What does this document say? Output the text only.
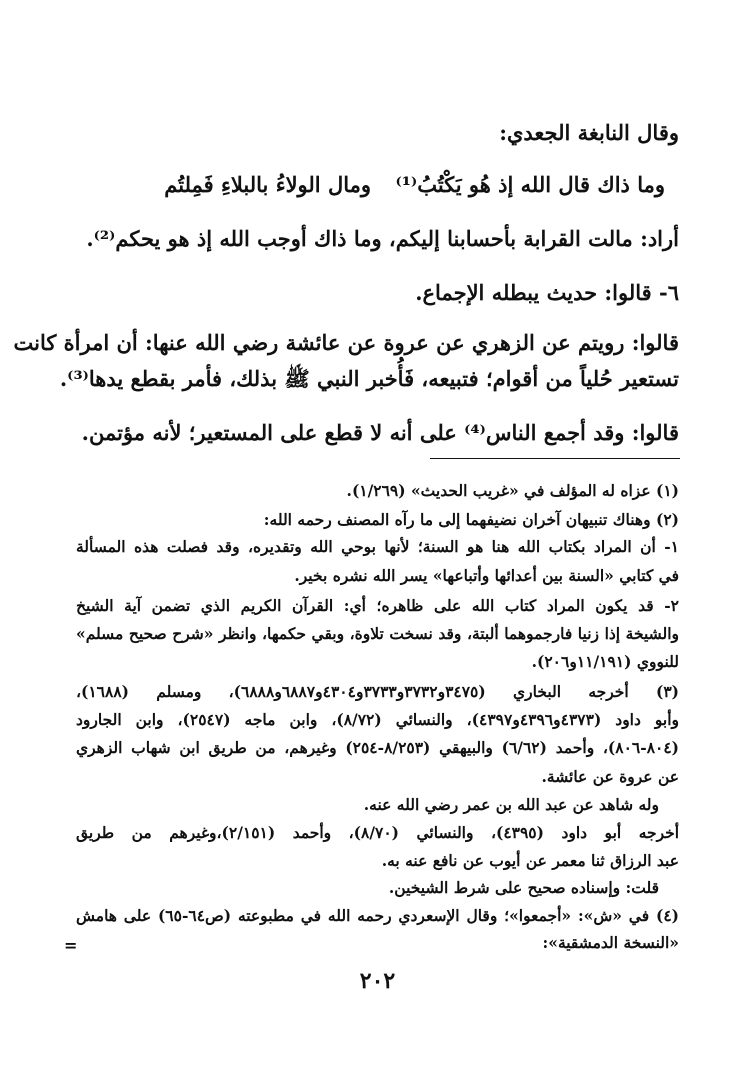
وقال النابغة الجعدي:
وما ذاك قال الله إذ هُو يَكْتُبُ⁽¹⁾
ومال الولاءُ بالبلاءِ فَمِلتُم
أراد: مالت القرابة بأحسابنا إليكم، وما ذاك أوجب الله إذ هو يحكم⁽²⁾.
٦- قالوا: حديث يبطله الإجماع.
قالوا: رويتم عن الزهري عن عروة عن عائشة رضي الله عنها: أن امرأة كانت
تستعير حُلياً من أقوام؛ فتبيعه، فَأُخبر النبي ﷺ بذلك، فأمر بقطع يدها⁽³⁾.
قالوا: وقد أجمع الناس⁽⁴⁾ على أنه لا قطع على المستعير؛ لأنه مؤتمن.
(١) عزاه له المؤلف في «غريب الحديث» (١/٢٦٩).
(٢) وهناك تنبيهان آخران نضيفهما إلى ما رآه المصنف رحمه الله:
١- أن المراد بكتاب الله هنا هو السنة؛ لأنها بوحي الله وتقديره، وقد فصلت هذه المسألة
في كتابي «السنة بين أعدائها وأتباعها» يسر الله نشره بخير.
٢- قد يكون المراد كتاب الله على ظاهره؛ أي: القرآن الكريم الذي تضمن آية الشيخ
والشيخة إذا زنيا فارجموهما ألبتة، وقد نسخت تلاوة، وبقي حكمها، وانظر «شرح صحيح مسلم»
للنووي (١١/١٩١و٢٠٦).
(٣) أخرجه البخاري (٣٤٧٥و٣٧٣٢و٣٧٣٣و٤٣٠٤و٦٨٨٧و٦٨٨٨)، ومسلم (١٦٨٨)،
وأبو داود (٤٣٧٣و٤٣٩٦و٤٣٩٧)، والنسائي (٨/٧٢)، وابن ماجه (٢٥٤٧)، وابن الجارود
(٨٠٤-٨٠٦)، وأحمد (٦/٦٢) والبيهقي (٨/٢٥٣-٢٥٤) وغيرهم، من طريق ابن شهاب الزهري
عن عروة عن عائشة.
وله شاهد عن عبد الله بن عمر رضي الله عنه.
أخرجه أبو داود (٤٣٩٥)، والنسائي (٨/٧٠)، وأحمد (٢/١٥١)،وغيرهم من طريق
عبد الرزاق ثنا معمر عن أيوب عن نافع عنه به.
قلت: وإسناده صحيح على شرط الشيخين.
(٤) في «ش»: «أجمعوا»؛ وقال الإسعردي رحمه الله في مطبوعته (ص٦٤-٦٥) على هامش
«النسخة الدمشقية»:
=
٢٠٢
